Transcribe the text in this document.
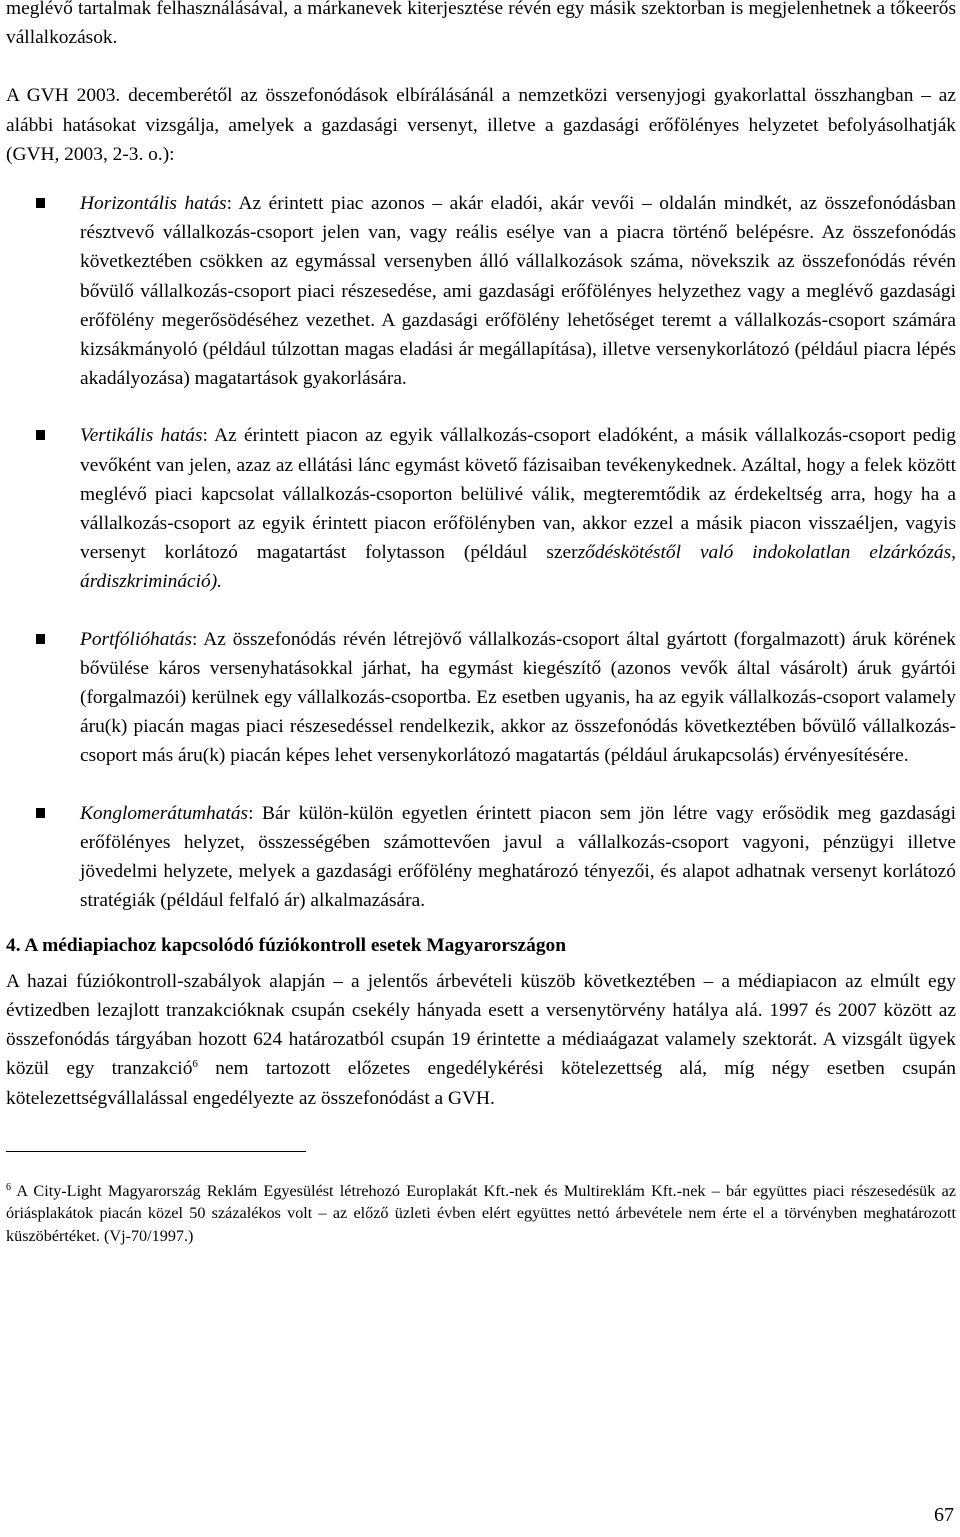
meglévő tartalmak felhasználásával, a márkanevek kiterjesztése révén egy másik szektorban is megjelenhetnek a tőkeerős vállalkozások.

A GVH 2003. decemberétől az összefonódások elbírálásánál a nemzetközi versenyjogi gyakorlattal összhangban ‒ az alábbi hatásokat vizsgálja, amelyek a gazdasági versenyt, illetve a gazdasági erőfölényes helyzetet befolyásolhatják (GVH, 2003, 2-3. o.):

Horizontális hatás: Az érintett piac azonos ‒ akár eladói, akár vevői ‒ oldalán mindkét, az összefonódásban résztvevő vállalkozás-csoport jelen van, vagy reális esélye van a piacra történő belépésre. Az összefonódás következtében csökken az egymással versenyben álló vállalkozások száma, növekszik az összefonódás révén bővülő vállalkozás-csoport piaci részesedése, ami gazdasági erőfölényes helyzethez vagy a meglévő gazdasági erőfölény megerősödéséhez vezethet. A gazdasági erőfölény lehetőséget teremt a vállalkozás-csoport számára kizsákmányoló (például túlzottan magas eladási ár megállapítása), illetve versenykorlátozó (például piacra lépés akadályozása) magatartások gyakorlására.
Vertikális hatás: Az érintett piacon az egyik vállalkozás-csoport eladóként, a másik vállalkozás-csoport pedig vevőként van jelen, azaz az ellátási lánc egymást követő fázisaiban tevékenykednek. Azáltal, hogy a felek között meglévő piaci kapcsolat vállalkozás-csoporton belülivé válik, megteremtődik az érdekeltség arra, hogy ha a vállalkozás-csoport az egyik érintett piacon erőfölényben van, akkor ezzel a másik piacon visszaéljen, vagyis versenyt korlátozó magatartást folytasson (például szerződéskötéstől való indokolatlan elzárkózás, árdiszkrimináció).
Portfólióhatás: Az összefonódás révén létrejövő vállalkozás-csoport által gyártott (forgalmazott) áruk körének bővülése káros versenyhatásokkal járhat, ha egymást kiegészítő (azonos vevők által vásárolt) áruk gyártói (forgalmazói) kerülnek egy vállalkozás-csoportba. Ez esetben ugyanis, ha az egyik vállalkozás-csoport valamely áru(k) piacán magas piaci részesedéssel rendelkezik, akkor az összefonódás következtében bővülő vállalkozás-csoport más áru(k) piacán képes lehet versenykorlátozó magatartás (például árukapcsolás) érvényesítésére.
Konglomerátumhatás: Bár külön-külön egyetlen érintett piacon sem jön létre vagy erősödik meg gazdasági erőfölényes helyzet, összességében számottevően javul a vállalkozás-csoport vagyoni, pénzügyi illetve jövedelmi helyzete, melyek a gazdasági erőfölény meghatározó tényezői, és alapot adhatnak versenyt korlátozó stratégiák (például felfaló ár) alkalmazására.
4. A médiapiachoz kapcsolódó fúziókontroll esetek Magyarországon

A hazai fúziókontroll-szabályok alapján ‒ a jelentős árbevételi küszöb következtében ‒ a médiapiacon az elmúlt egy évtizedben lezajlott tranzakcióknak csupán csekély hányada esett a versenytörvény hatálya alá. 1997 és 2007 között az összefonódás tárgyában hozott 624 határozatból csupán 19 érintette a médiaágazat valamely szektorát. A vizsgált ügyek közül egy tranzakció$^6$ nem tartozott előzetes engedélykérési kötelezettség alá, míg négy esetben csupán kötelezettségvállalással engedélyezte az összefonódást a GVH.

$^6$ A City-Light Magyarország Reklám Egyesülést létrehozó Europlakát Kft.-nek és Multireklám Kft.-nek ‒ bár együttes piaci részesedésük az óriásplakátok piacán közel 50 százalékos volt ‒ az előző üzleti évben elért együttes nettó árbevétele nem érte el a törvényben meghatározott küszöbértéket. (Vj-70/1997.)

67
